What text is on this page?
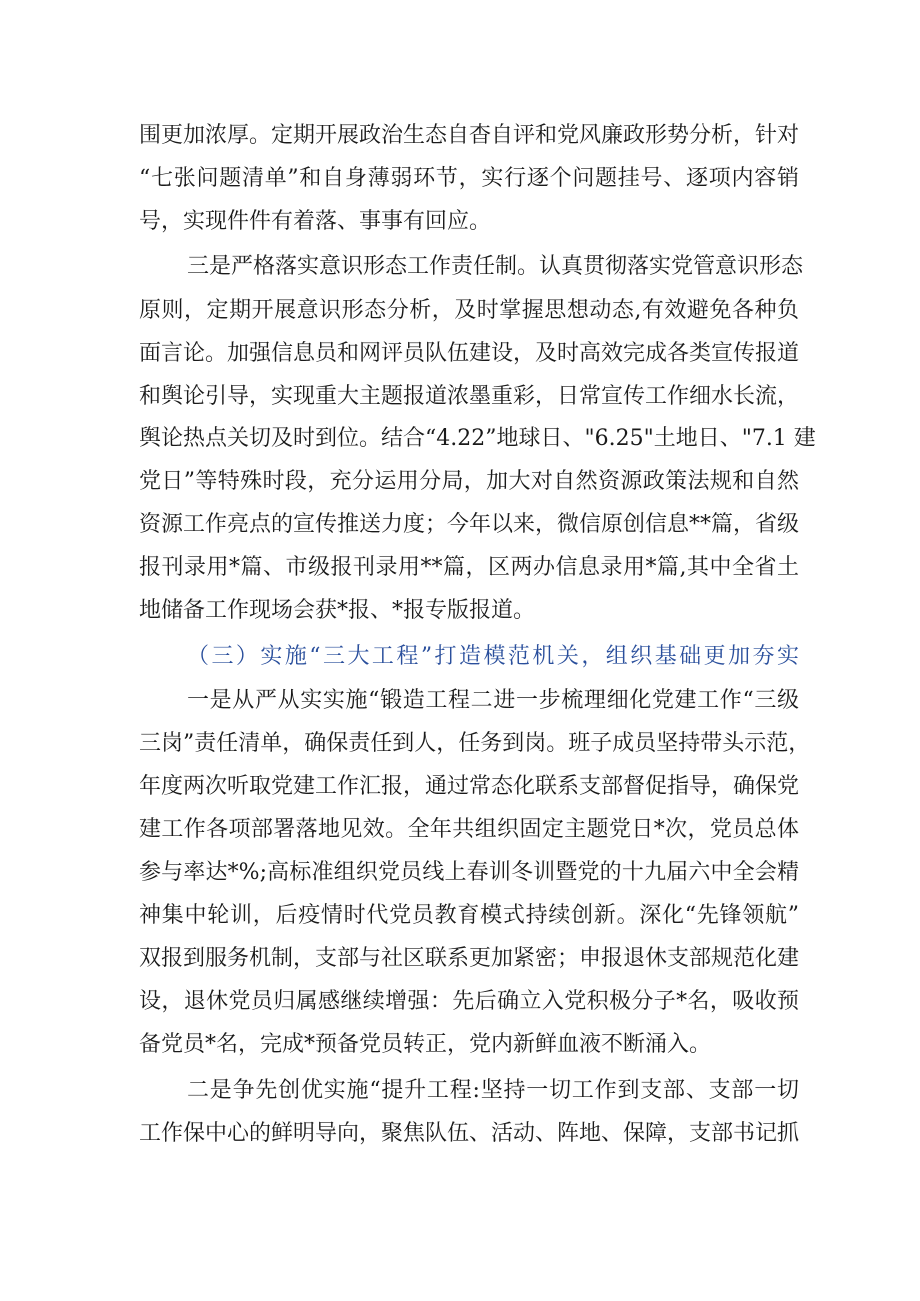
围更加浓厚。定期开展政治生态自杳自评和党风廉政形势分析，针对

“七张问题清单”和自身薄弱环节，实行逐个问题挂号、逐项内容销

号，实现件件有着落、事事有回应。

三是严格落实意识形态工作责任制。认真贯彻落实党管意识形态

原则，定期开展意识形态分析，及时掌握思想动态,有效避免各种负

面言论。加强信息员和网评员队伍建设，及时高效完成各类宣传报道

和舆论引导，实现重大主题报道浓墨重彩，日常宣传工作细水长流，

舆论热点关切及时到位。结合“4.22”地球日、"6.25"土地日、"7.1 建

党日”等特殊时段，充分运用分局，加大对自然资源政策法规和自然

资源工作亮点的宣传推送力度；今年以来，微信原创信息**篇，省级

报刊录用*篇、市级报刊录用**篇，区两办信息录用*篇,其中全省土

地储备工作现场会获*报、*报专版报道。

（三）实施“三大工程”打造模范机关，组织基础更加夯实

一是从严从实实施“锻造工程二进一步梳理细化党建工作“三级

三岗”责任清单，确保责任到人，任务到岗。班子成员坚持带头示范，

年度两次听取党建工作汇报，通过常态化联系支部督促指导，确保党

建工作各项部署落地见效。全年共组织固定主题党日*次，党员总体

参与率达*%;高标准组织党员线上春训冬训暨党的十九届六中全会精

神集中轮训，后疫情时代党员教育模式持续创新。深化“先锋领航”

双报到服务机制，支部与社区联系更加紧密；申报退休支部规范化建

设，退休党员归属感继续增强：先后确立入党积极分子*名，吸收预

备党员*名，完成*预备党员转正，党内新鲜血液不断涌入。

二是争先创优实施“提升工程:坚持一切工作到支部、支部一切

工作保中心的鲜明导向，聚焦队伍、活动、阵地、保障，支部书记抓
